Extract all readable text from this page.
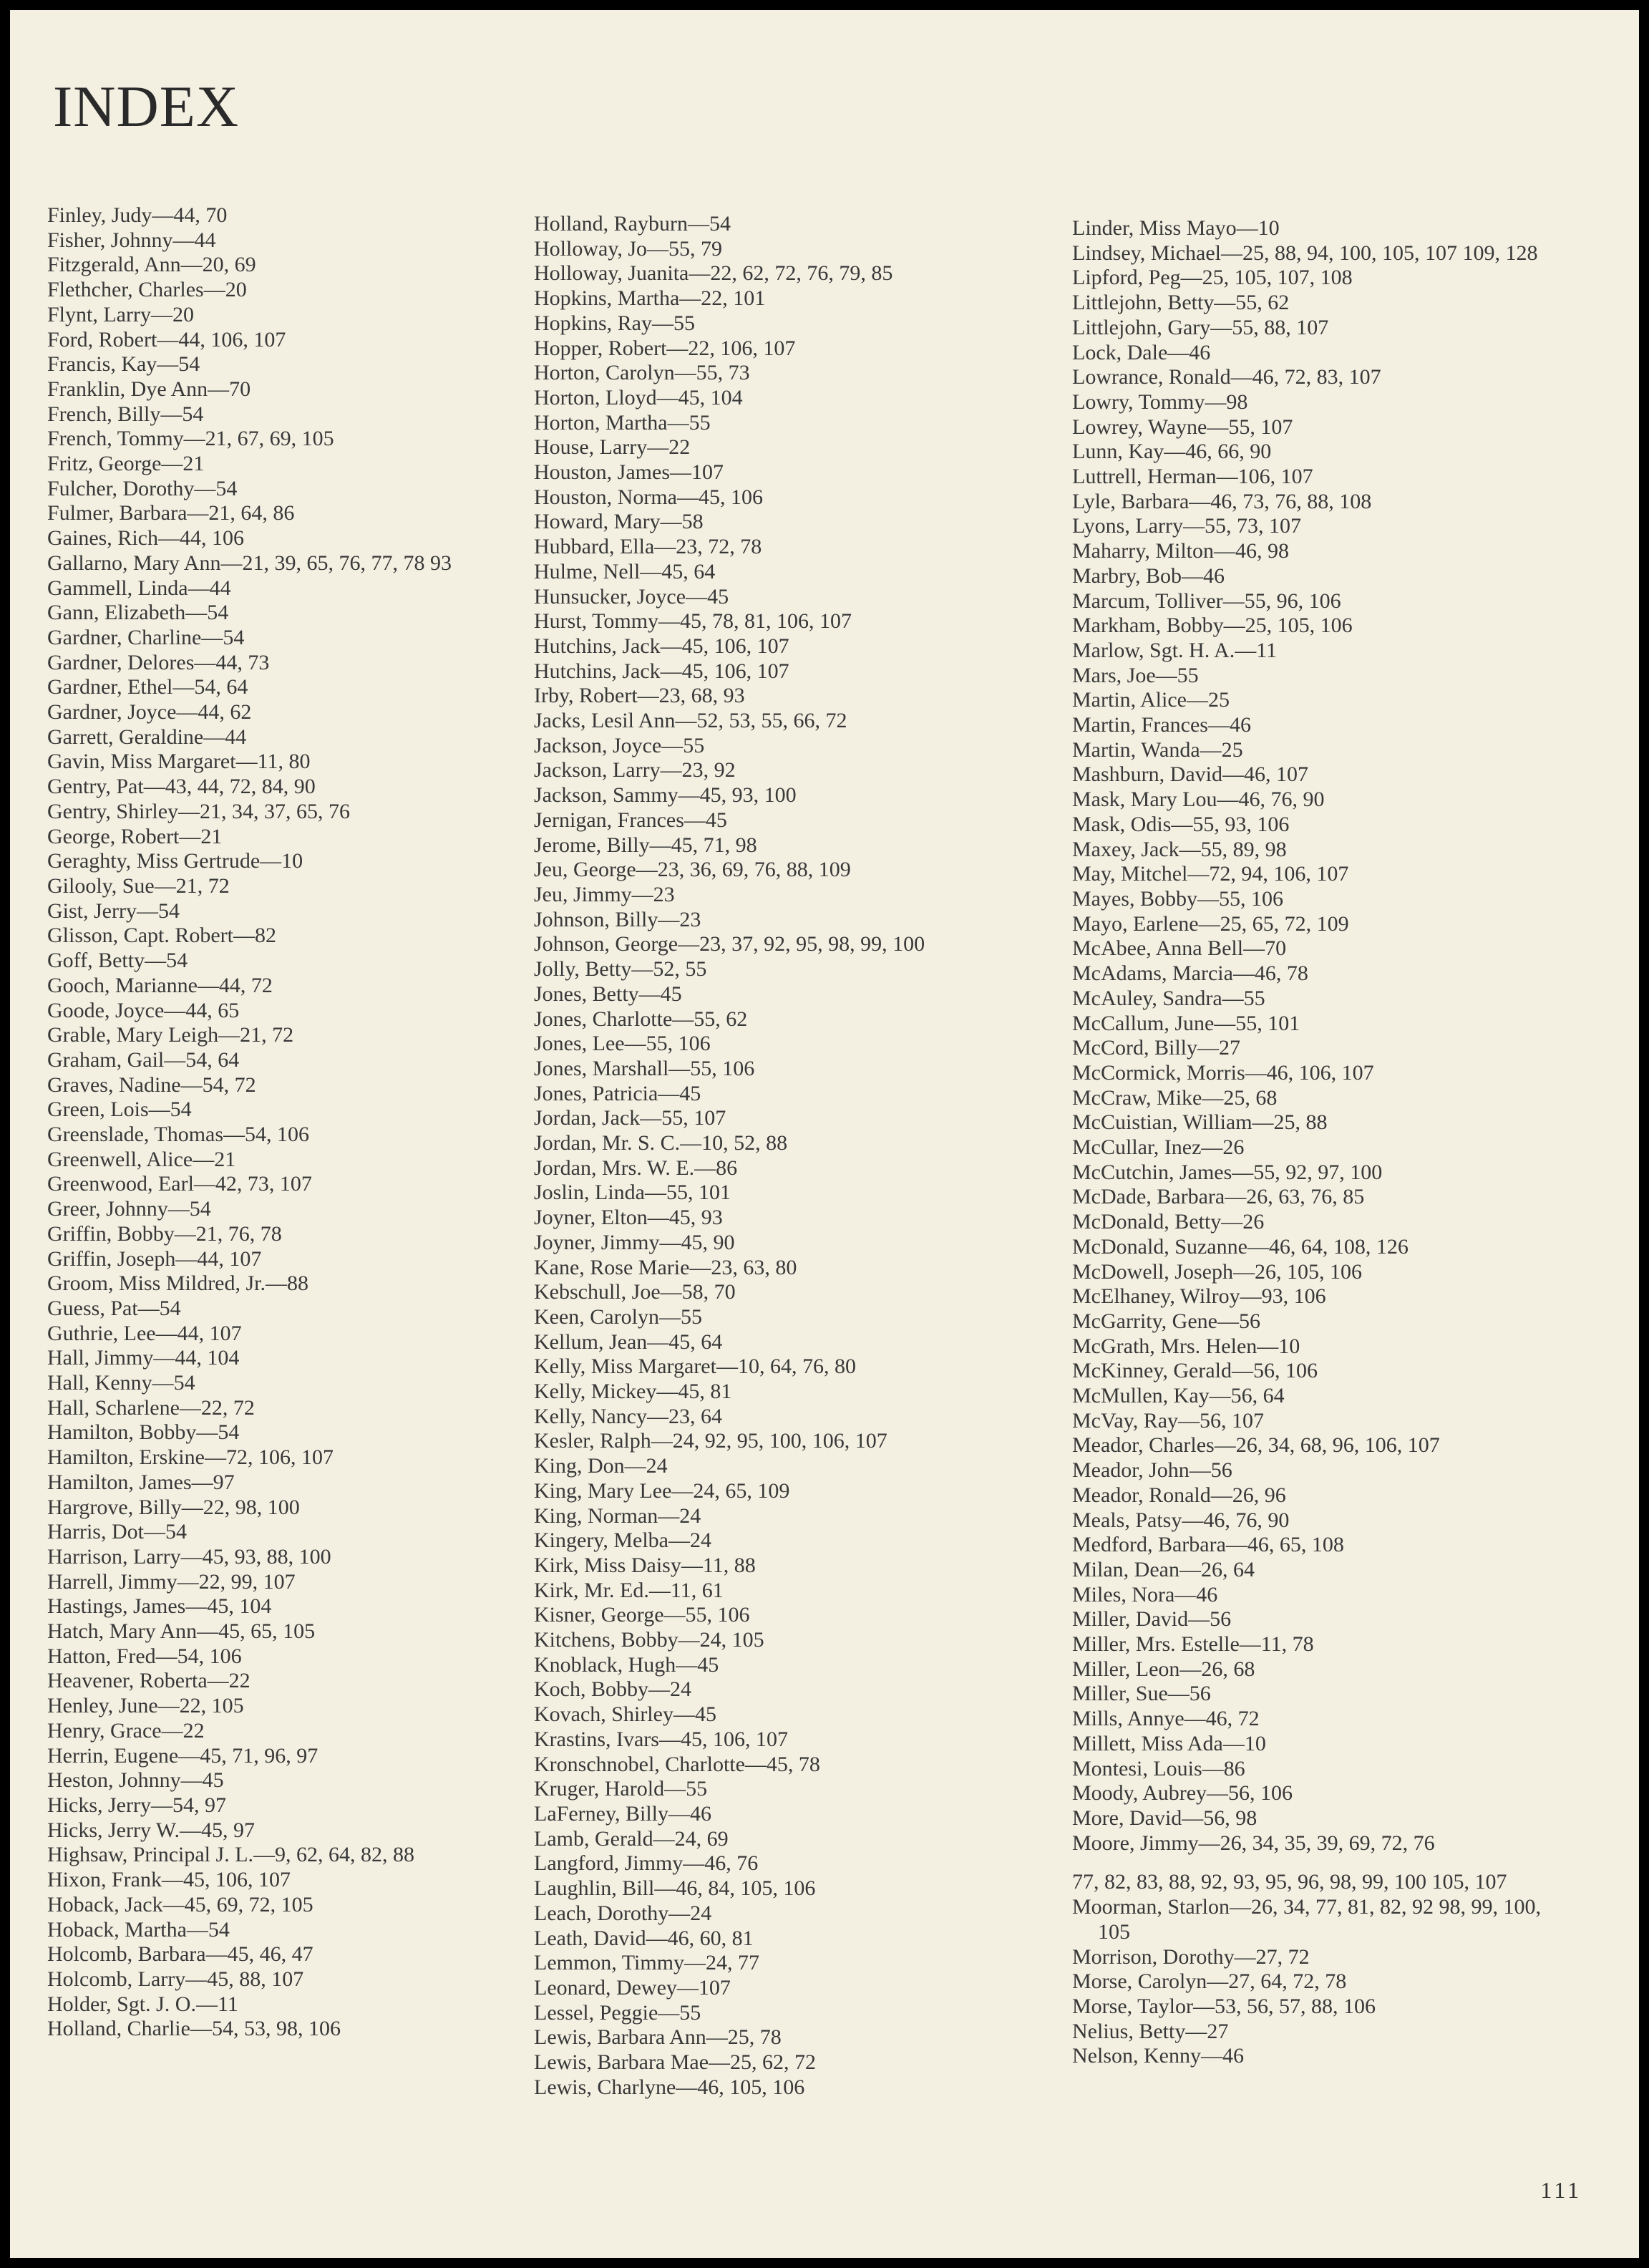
INDEX
Finley, Judy—44, 70
Fisher, Johnny—44
Fitzgerald, Ann—20, 69
Flethcher, Charles—20
Flynt, Larry—20
Ford, Robert—44, 106, 107
Francis, Kay—54
Franklin, Dye Ann—70
French, Billy—54
French, Tommy—21, 67, 69, 105
Fritz, George—21
Fulcher, Dorothy—54
Fulmer, Barbara—21, 64, 86
Gaines, Rich—44, 106
Gallarno, Mary Ann—21, 39, 65, 76, 77, 78 93
Gammell, Linda—44
Gann, Elizabeth—54
Gardner, Charline—54
Gardner, Delores—44, 73
Gardner, Ethel—54, 64
Gardner, Joyce—44, 62
Garrett, Geraldine—44
Gavin, Miss Margaret—11, 80
Gentry, Pat—43, 44, 72, 84, 90
Gentry, Shirley—21, 34, 37, 65, 76
George, Robert—21
Geraghty, Miss Gertrude—10
Gilooly, Sue—21, 72
Gist, Jerry—54
Glisson, Capt. Robert—82
Goff, Betty—54
Gooch, Marianne—44, 72
Goode, Joyce—44, 65
Grable, Mary Leigh—21, 72
Graham, Gail—54, 64
Graves, Nadine—54, 72
Green, Lois—54
Greenslade, Thomas—54, 106
Greenwell, Alice—21
Greenwood, Earl—42, 73, 107
Greer, Johnny—54
Griffin, Bobby—21, 76, 78
Griffin, Joseph—44, 107
Groom, Miss Mildred, Jr.—88
Guess, Pat—54
Guthrie, Lee—44, 107
Hall, Jimmy—44, 104
Hall, Kenny—54
Hall, Scharlene—22, 72
Hamilton, Bobby—54
Hamilton, Erskine—72, 106, 107
Hamilton, James—97
Hargrove, Billy—22, 98, 100
Harris, Dot—54
Harrison, Larry—45, 93, 88, 100
Harrell, Jimmy—22, 99, 107
Hastings, James—45, 104
Hatch, Mary Ann—45, 65, 105
Hatton, Fred—54, 106
Heavener, Roberta—22
Henley, June—22, 105
Henry, Grace—22
Herrin, Eugene—45, 71, 96, 97
Heston, Johnny—45
Hicks, Jerry—54, 97
Hicks, Jerry W.—45, 97
Highsaw, Principal J. L.—9, 62, 64, 82, 88
Hixon, Frank—45, 106, 107
Hoback, Jack—45, 69, 72, 105
Hoback, Martha—54
Holcomb, Barbara—45, 46, 47
Holcomb, Larry—45, 88, 107
Holder, Sgt. J. O.—11
Holland, Charlie—54, 53, 98, 106
Holland, Rayburn—54
Holloway, Jo—55, 79
Holloway, Juanita—22, 62, 72, 76, 79, 85
Hopkins, Martha—22, 101
Hopkins, Ray—55
Hopper, Robert—22, 106, 107
Horton, Carolyn—55, 73
Horton, Lloyd—45, 104
Horton, Martha—55
House, Larry—22
Houston, James—107
Houston, Norma—45, 106
Howard, Mary—58
Hubbard, Ella—23, 72, 78
Hulme, Nell—45, 64
Hunsucker, Joyce—45
Hurst, Tommy—45, 78, 81, 106, 107
Hutchins, Jack—45, 106, 107
Hutchins, Jack—45, 106, 107
Irby, Robert—23, 68, 93
Jacks, Lesil Ann—52, 53, 55, 66, 72
Jackson, Joyce—55
Jackson, Larry—23, 92
Jackson, Sammy—45, 93, 100
Jernigan, Frances—45
Jerome, Billy—45, 71, 98
Jeu, George—23, 36, 69, 76, 88, 109
Jeu, Jimmy—23
Johnson, Billy—23
Johnson, George—23, 37, 92, 95, 98, 99, 100
Jolly, Betty—52, 55
Jones, Betty—45
Jones, Charlotte—55, 62
Jones, Lee—55, 106
Jones, Marshall—55, 106
Jones, Patricia—45
Jordan, Jack—55, 107
Jordan, Mr. S. C.—10, 52, 88
Jordan, Mrs. W. E.—86
Joslin, Linda—55, 101
Joyner, Elton—45, 93
Joyner, Jimmy—45, 90
Kane, Rose Marie—23, 63, 80
Kebschull, Joe—58, 70
Keen, Carolyn—55
Kellum, Jean—45, 64
Kelly, Miss Margaret—10, 64, 76, 80
Kelly, Mickey—45, 81
Kelly, Nancy—23, 64
Kesler, Ralph—24, 92, 95, 100, 106, 107
King, Don—24
King, Mary Lee—24, 65, 109
King, Norman—24
Kingery, Melba—24
Kirk, Miss Daisy—11, 88
Kirk, Mr. Ed.—11, 61
Kisner, George—55, 106
Kitchens, Bobby—24, 105
Knoblack, Hugh—45
Koch, Bobby—24
Kovach, Shirley—45
Krastins, Ivars—45, 106, 107
Kronschnobel, Charlotte—45, 78
Kruger, Harold—55
LaFerney, Billy—46
Lamb, Gerald—24, 69
Langford, Jimmy—46, 76
Laughlin, Bill—46, 84, 105, 106
Leach, Dorothy—24
Leath, David—46, 60, 81
Lemmon, Timmy—24, 77
Leonard, Dewey—107
Lessel, Peggie—55
Lewis, Barbara Ann—25, 78
Lewis, Barbara Mae—25, 62, 72
Lewis, Charlyne—46, 105, 106
Linder, Miss Mayo—10
Lindsey, Michael—25, 88, 94, 100, 105, 107 109, 128
Lipford, Peg—25, 105, 107, 108
Littlejohn, Betty—55, 62
Littlejohn, Gary—55, 88, 107
Lock, Dale—46
Lowrance, Ronald—46, 72, 83, 107
Lowry, Tommy—98
Lowrey, Wayne—55, 107
Lunn, Kay—46, 66, 90
Luttrell, Herman—106, 107
Lyle, Barbara—46, 73, 76, 88, 108
Lyons, Larry—55, 73, 107
Maharry, Milton—46, 98
Marbry, Bob—46
Marcum, Tolliver—55, 96, 106
Markham, Bobby—25, 105, 106
Marlow, Sgt. H. A.—11
Mars, Joe—55
Martin, Alice—25
Martin, Frances—46
Martin, Wanda—25
Mashburn, David—46, 107
Mask, Mary Lou—46, 76, 90
Mask, Odis—55, 93, 106
Maxey, Jack—55, 89, 98
May, Mitchel—72, 94, 106, 107
Mayes, Bobby—55, 106
Mayo, Earlene—25, 65, 72, 109
McAbee, Anna Bell—70
McAdams, Marcia—46, 78
McAuley, Sandra—55
McCallum, June—55, 101
McCord, Billy—27
McCormick, Morris—46, 106, 107
McCraw, Mike—25, 68
McCuistian, William—25, 88
McCullar, Inez—26
McCutchin, James—55, 92, 97, 100
McDade, Barbara—26, 63, 76, 85
McDonald, Betty—26
McDonald, Suzanne—46, 64, 108, 126
McDowell, Joseph—26, 105, 106
McElhaney, Wilroy—93, 106
McGarrity, Gene—56
McGrath, Mrs. Helen—10
McKinney, Gerald—56, 106
McMullen, Kay—56, 64
McVay, Ray—56, 107
Meador, Charles—26, 34, 68, 96, 106, 107
Meador, John—56
Meador, Ronald—26, 96
Meals, Patsy—46, 76, 90
Medford, Barbara—46, 65, 108
Milan, Dean—26, 64
Miles, Nora—46
Miller, David—56
Miller, Mrs. Estelle—11, 78
Miller, Leon—26, 68
Miller, Sue—56
Mills, Annye—46, 72
Millett, Miss Ada—10
Montesi, Louis—86
Moody, Aubrey—56, 106
More, David—56, 98
Moore, Jimmy—26, 34, 35, 39, 69, 72, 76
77, 82, 83, 88, 92, 93, 95, 96, 98, 99, 100 105, 107
Moorman, Starlon—26, 34, 77, 81, 82, 92 98, 99, 100, 105
Morrison, Dorothy—27, 72
Morse, Carolyn—27, 64, 72, 78
Morse, Taylor—53, 56, 57, 88, 106
Nelius, Betty—27
Nelson, Kenny—46
111
